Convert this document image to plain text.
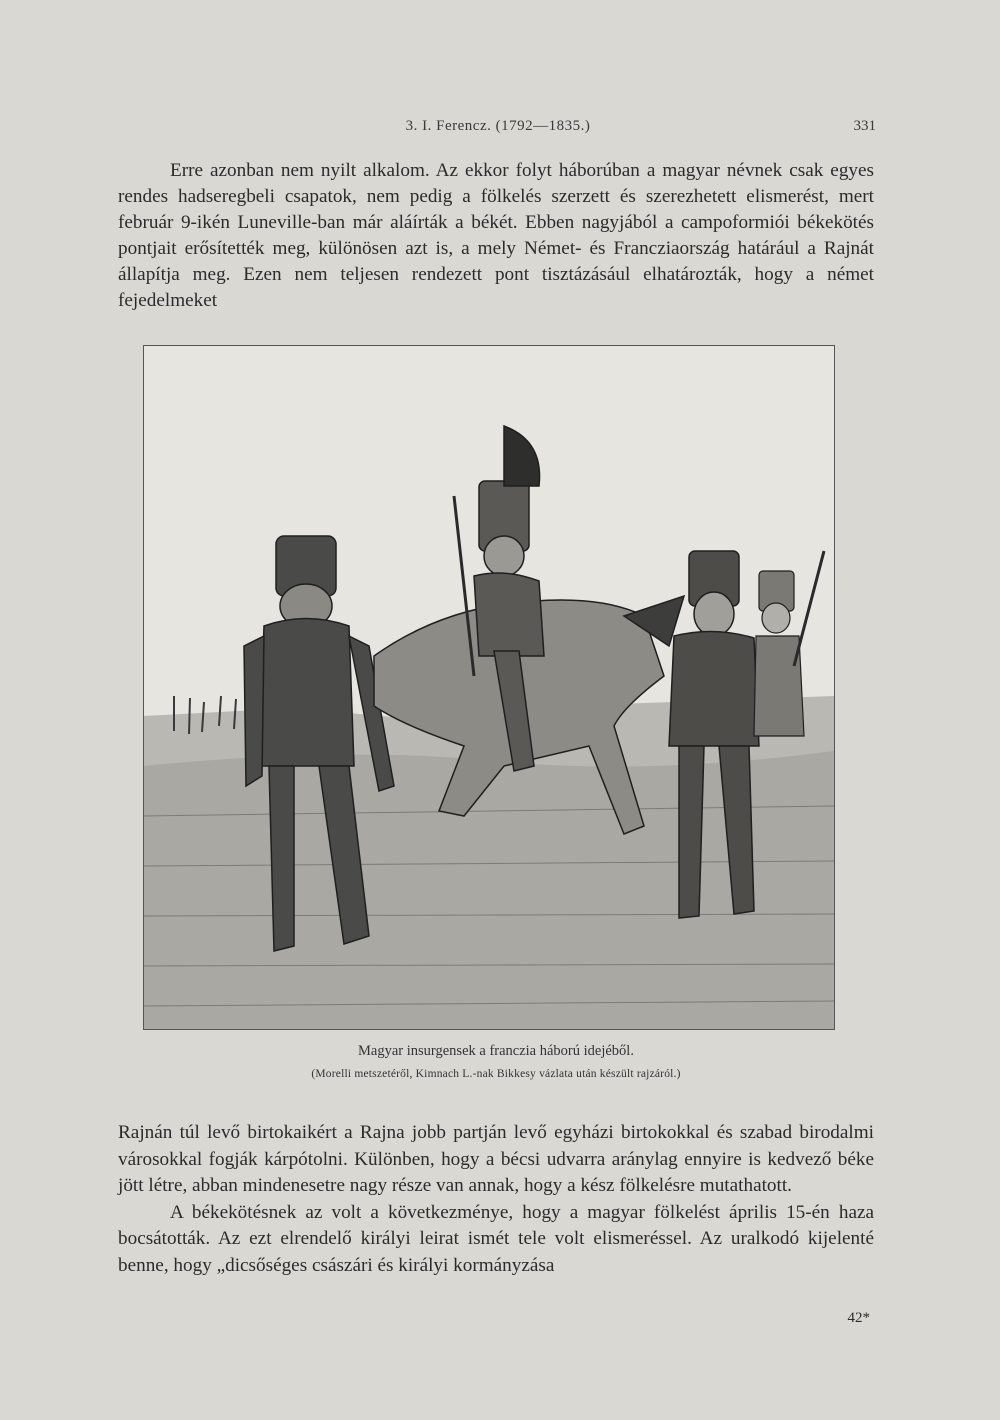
3. I. Ferencz. (1792—1835.)	331

Erre azonban nem nyilt alkalom. Az ekkor folyt háborúban a magyar névnek csak egyes rendes hadseregbeli csapatok, nem pedig a fölkelés szerzett és szerezhetett elismerést, mert február 9-ikén Luneville-ban már aláírták a békét. Ebben nagyjából a campoformiói békekötés pontjait erősítették meg, különösen azt is, a mely Német- és Francziaország határául a Rajnát állapítja meg. Ezen nem teljesen rendezett pont tisztázásául elhatározták, hogy a német fejedelmeket

Magyar insurgensek a franczia háború idejéből.
(Morelli metszetéről, Kimnach L.-nak Bikkesy vázlata után készült rajzáról.)

Rajnán túl levő birtokaikért a Rajna jobb partján levő egyházi birtokokkal és szabad birodalmi városokkal fogják kárpótolni. Különben, hogy a bécsi udvarra aránylag ennyire is kedvező béke jött létre, abban mindenesetre nagy része van annak, hogy a kész fölkelésre mutathatott.

A békekötésnek az volt a következménye, hogy a magyar fölkelést április 15-én haza bocsátották. Az ezt elrendelő királyi leirat ismét tele volt elismeréssel. Az uralkodó kijelenté benne, hogy „dicsőséges császári és királyi kormányzása

42*
